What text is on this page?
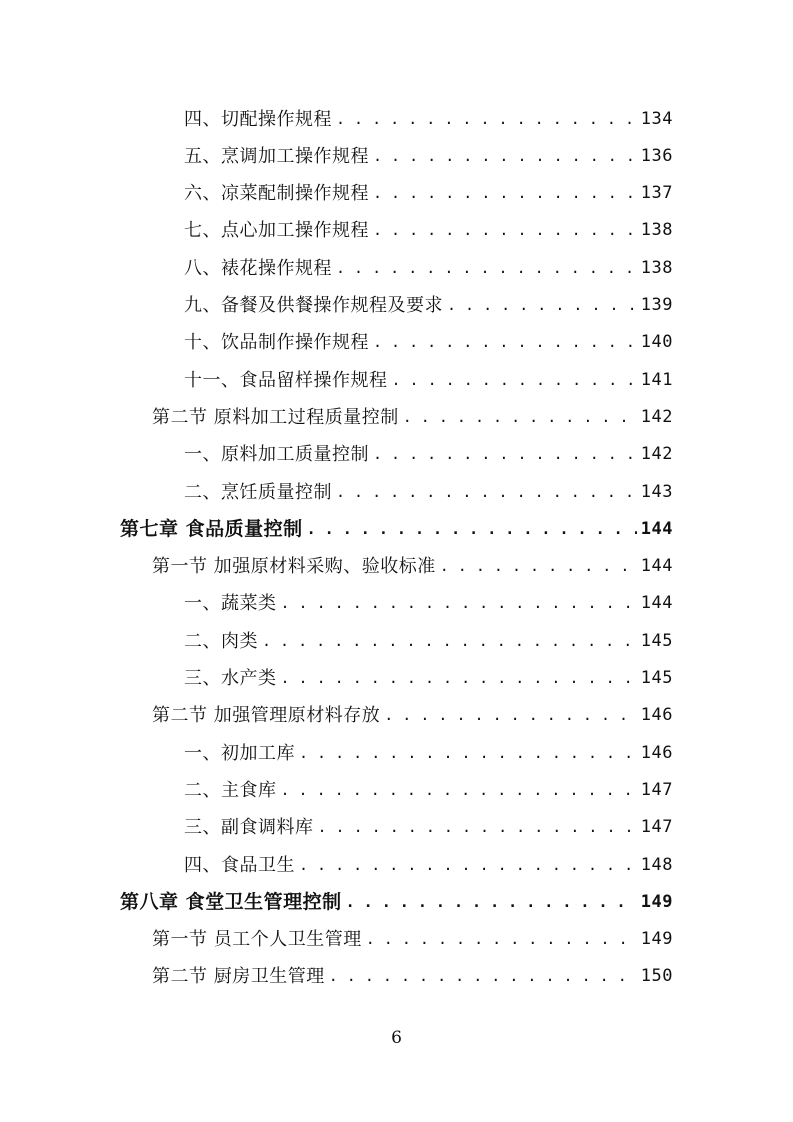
四、切配操作规程 . . .	134
五、烹调加工操作规程 . . .	136
六、凉菜配制操作规程 . . .	137
七、点心加工操作规程 . . .	138
八、裱花操作规程 . . .	138
九、备餐及供餐操作规程及要求 . . .	139
十、饮品制作操作规程 . . .	140
十一、食品留样操作规程 . . .	141
第二节 原料加工过程质量控制 . . .	142
一、原料加工质量控制 . . .	142
二、烹饪质量控制 . . .	143
第七章 食品质量控制 . . .	144
第一节 加强原材料采购、验收标准 . . .	144
一、蔬菜类 . . .	144
二、肉类 . . .	145
三、水产类 . . .	145
第二节 加强管理原材料存放 . . .	146
一、初加工库 . . .	146
二、主食库 . . .	147
三、副食调料库 . . .	147
四、食品卫生 . . .	148
第八章 食堂卫生管理控制 . . .	149
第一节 员工个人卫生管理 . . .	149
第二节 厨房卫生管理 . . .	150
6
